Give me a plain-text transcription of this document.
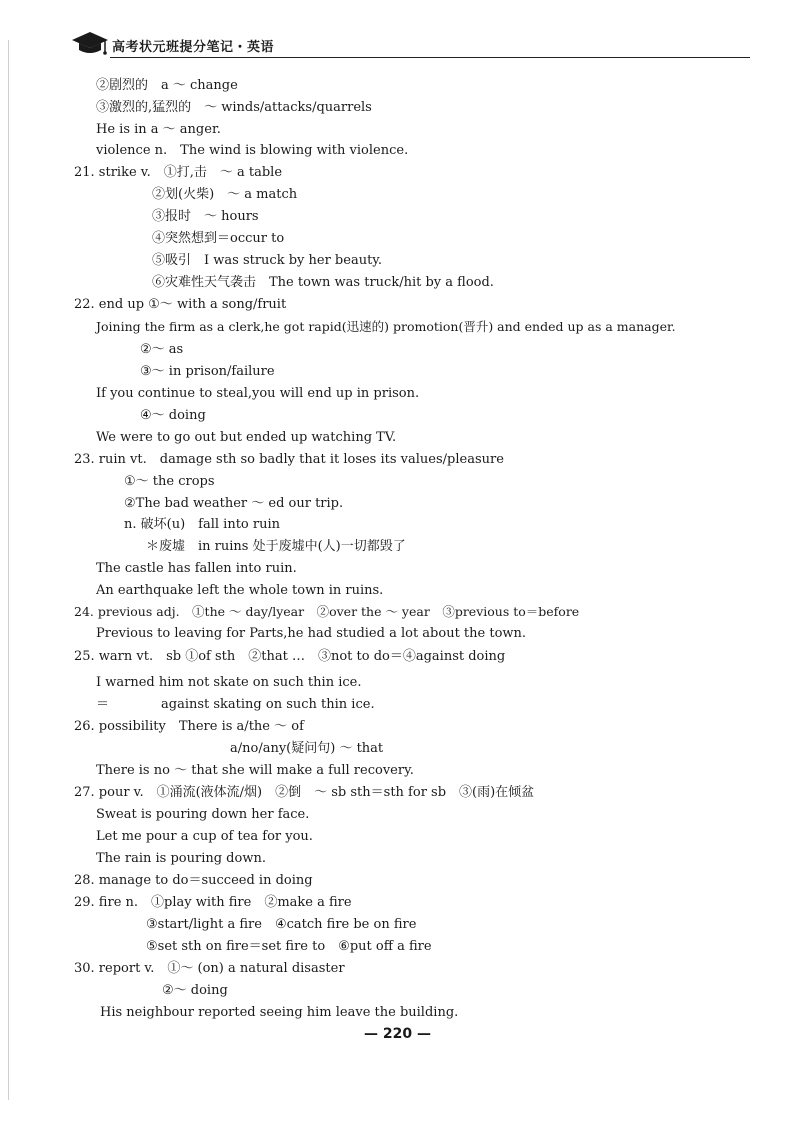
高考状元班提分笔记・英语
②剧烈的　a ～ change
③激烈的,猛烈的　～ winds/attacks/quarrels
He is in a ～ anger.
violence n.　The wind is blowing with violence.
21. strike v.　①打,击　～ a table
②划(火柴)　～ a match
③报时　～ hours
④突然想到＝occur to
⑤吸引　I was struck by her beauty.
⑥灾难性天气袭击　The town was truck/hit by a flood.
22. end up ①～ with a song/fruit
Joining the firm as a clerk,he got rapid(迅速的) promotion(晋升) and ended up as a manager.
②～ as
③～ in prison/failure
If you continue to steal,you will end up in prison.
④～ doing
We were to go out but ended up watching TV.
23. ruin vt.　damage sth so badly that it loses its values/pleasure
①～ the crops
②The bad weather ～ ed our trip.
n. 破坏(u)　fall into ruin
＊废墟　in ruins 处于废墟中(人)一切都毁了
The castle has fallen into ruin.
An earthquake left the whole town in ruins.
24. previous adj.　①the ～ day/lyear　②over the ～ year　③previous to＝before
Previous to leaving for Parts,he had studied a lot about the town.
25. warn vt.　sb ①of sth　②that …　③not to do＝④against doing
I warned him not skate on such thin ice.
＝　　　　against skating on such thin ice.
26. possibility　There is a/the ～ of
a/no/any(疑问句) ～ that
There is no ～ that she will make a full recovery.
27. pour v.　①涌流(液体流/烟)　②倒　～ sb sth＝sth for sb　③(雨)在倾盆
Sweat is pouring down her face.
Let me pour a cup of tea for you.
The rain is pouring down.
28. manage to do＝succeed in doing
29. fire n.　①play with fire　②make a fire
③start/light a fire　④catch fire be on fire
⑤set sth on fire＝set fire to　⑥put off a fire
30. report v.　①～ (on) a natural disaster
②～ doing
His neighbour reported seeing him leave the building.
— 220 —
